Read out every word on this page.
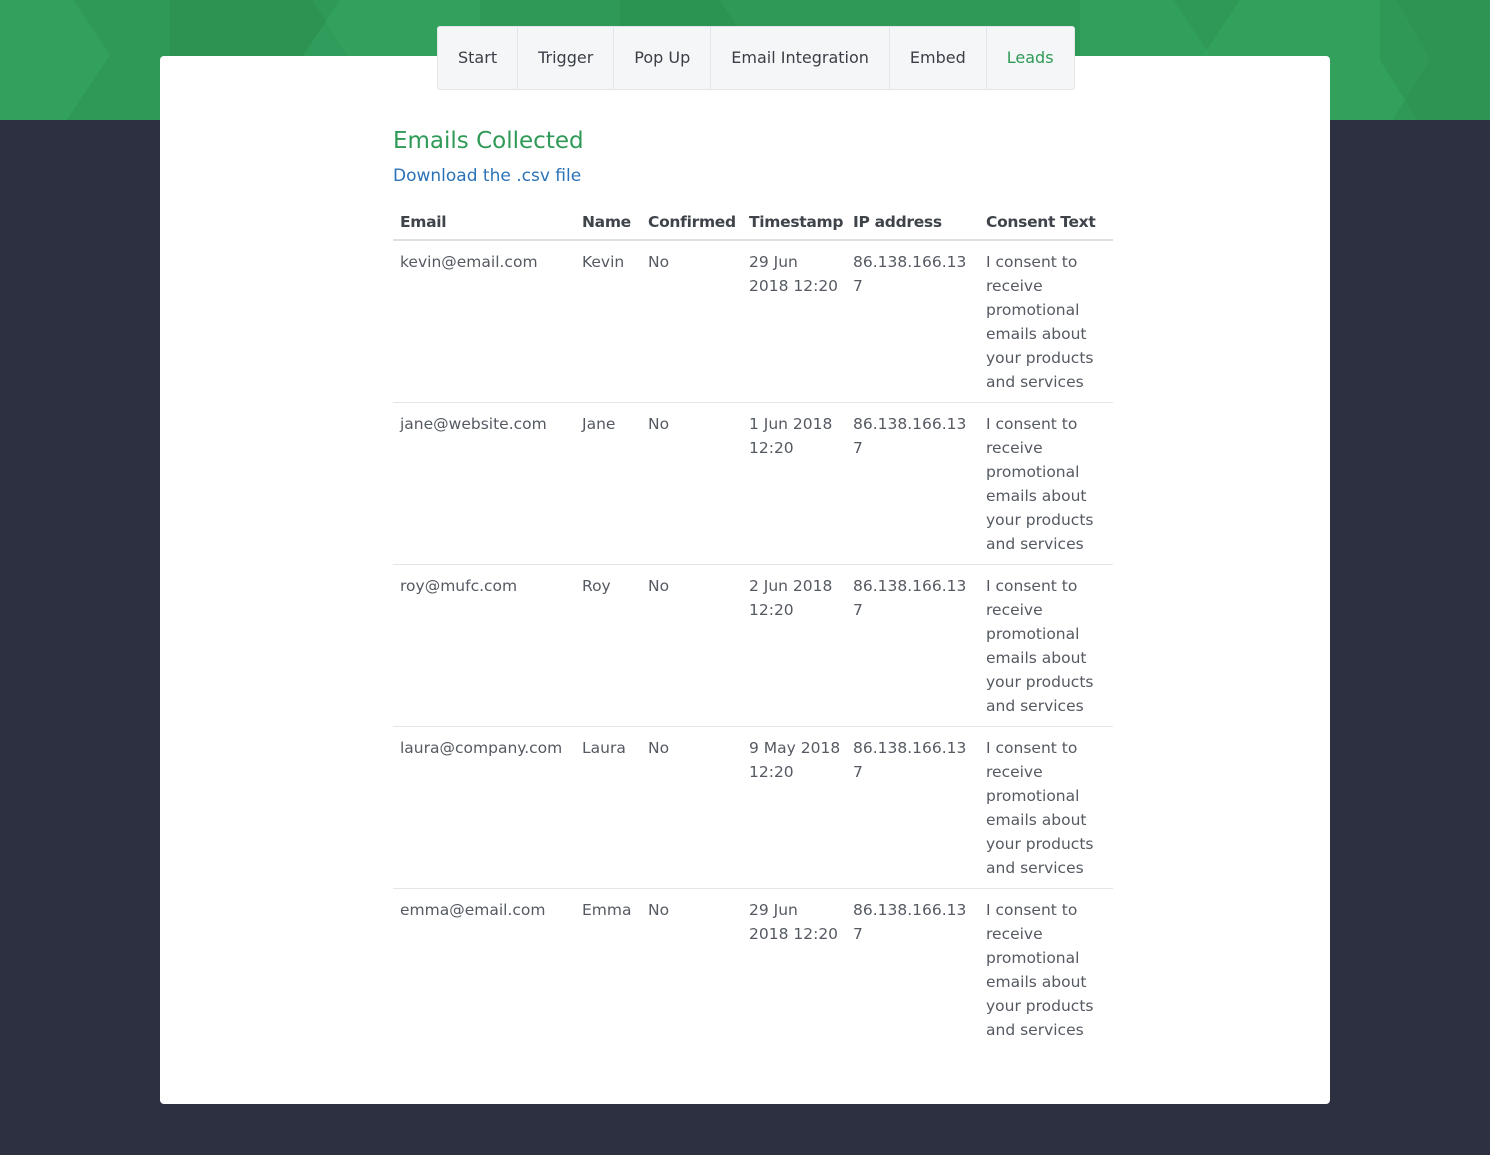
Start	Trigger	Pop Up	Email Integration	Embed	Leads
Emails Collected
Download the .csv file
Email	Name	Confirmed	Timestamp	IP address	Consent Text
kevin@email.com	Kevin	No	29 Jun 2018 12:20	86.138.166.137	I consent to receive promotional emails about your products and services
jane@website.com	Jane	No	1 Jun 2018 12:20	86.138.166.137	I consent to receive promotional emails about your products and services
roy@mufc.com	Roy	No	2 Jun 2018 12:20	86.138.166.137	I consent to receive promotional emails about your products and services
laura@company.com	Laura	No	9 May 2018 12:20	86.138.166.137	I consent to receive promotional emails about your products and services
emma@email.com	Emma	No	29 Jun 2018 12:20	86.138.166.137	I consent to receive promotional emails about your products and services
